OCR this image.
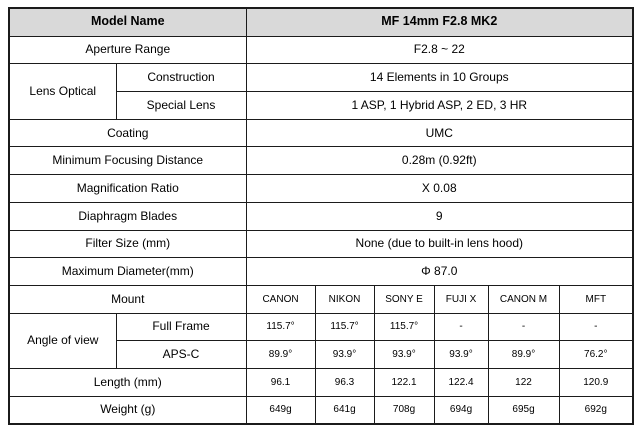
Model Name		MF 14mm F2.8 MK2					
Aperture Range		F2.8 ~ 22					
Lens Optical	Construction	14 Elements in 10 Groups					
	Special Lens	1 ASP, 1 Hybrid ASP, 2 ED, 3 HR					
Coating		UMC					
Minimum Focusing Distance		0.28m (0.92ft)					
Magnification Ratio		X 0.08					
Diaphragm Blades		9					
Filter Size (mm)		None (due to built-in lens hood)					
Maximum Diameter(mm)		Φ 87.0					
Mount		CANON	NIKON	SONY E	FUJI X	CANON M	MFT
Angle of view	Full Frame	115.7°	115.7°	115.7°	-	-	-
	APS-C	89.9°	93.9°	93.9°	93.9°	89.9°	76.2°
Length (mm)		96.1	96.3	122.1	122.4	122	120.9
Weight (g)		649g	641g	708g	694g	695g	692g
